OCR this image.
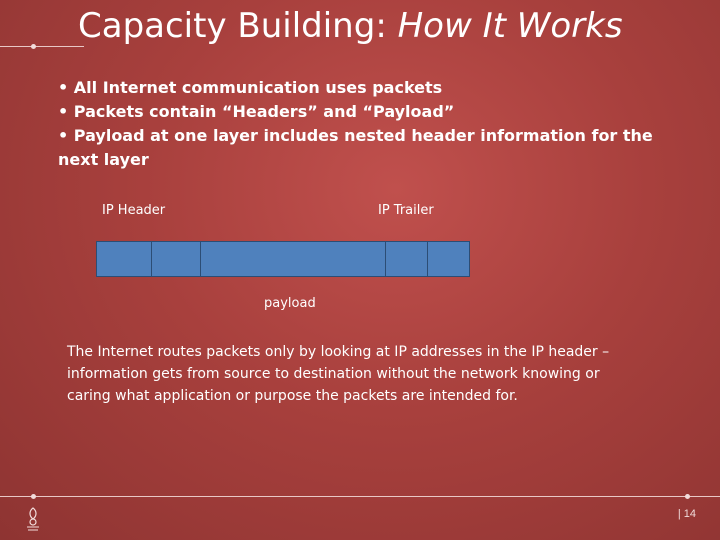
Capacity Building: How It Works
• All Internet communication uses packets
• Packets contain “Headers” and “Payload”
• Payload at one layer includes nested header information for the next layer
IP Header	IP Trailer
payload
The Internet routes packets only by looking at IP addresses in the IP header – information gets from source to destination without the network knowing or caring what application or purpose the packets are intended for.
| 14
